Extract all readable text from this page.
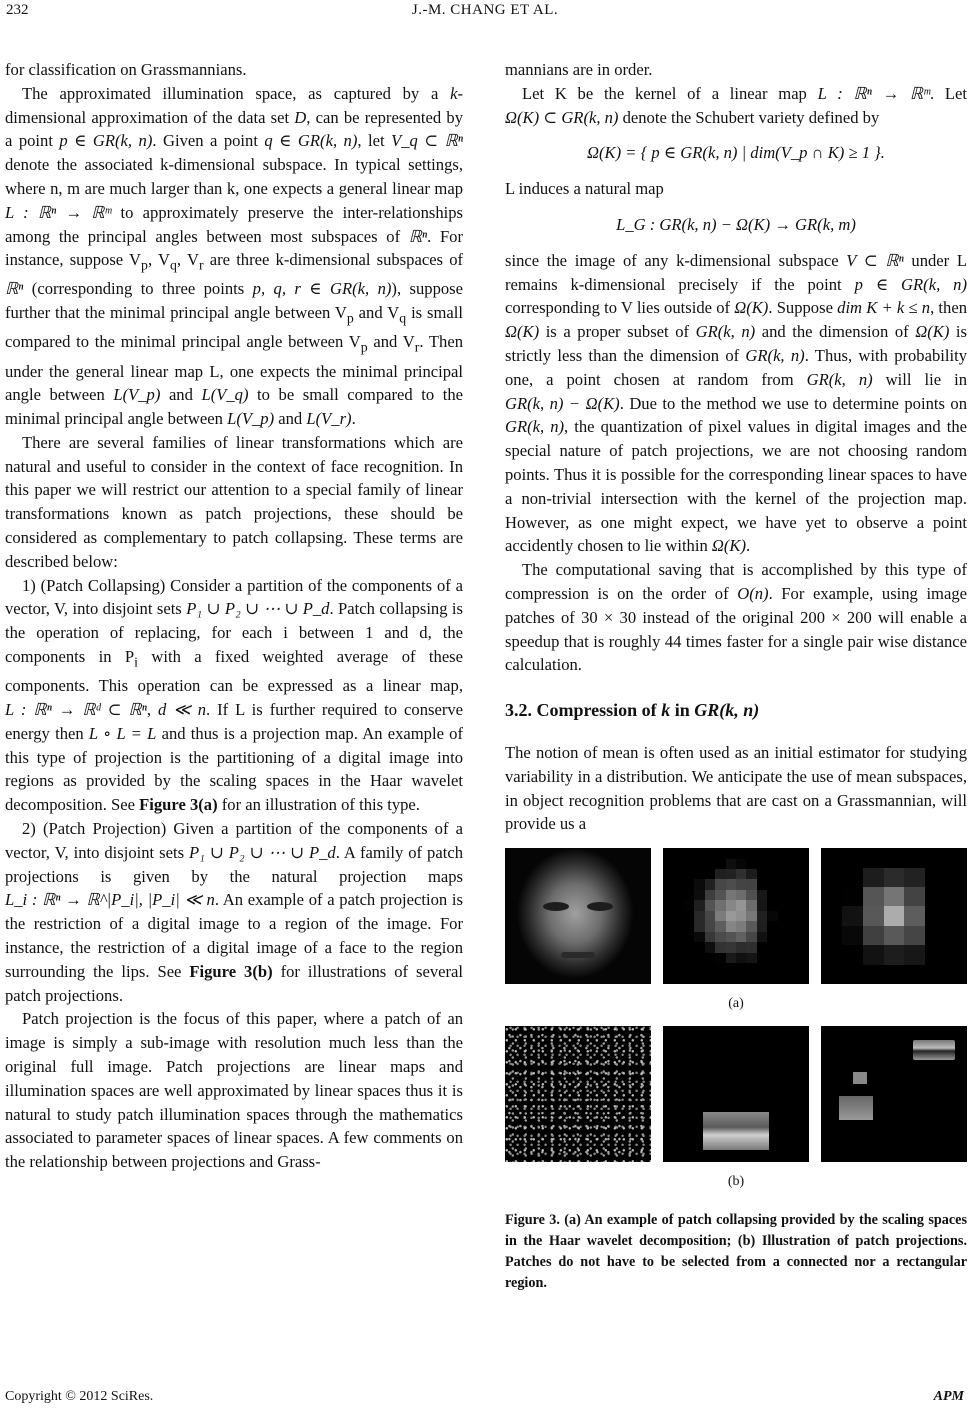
232	J.-M. CHANG ET AL.

for classification on Grassmannians.

The approximated illumination space, as captured by a k-dimensional approximation of the data set D, can be represented by a point p ∈ GR(k, n). Given a point q ∈ GR(k, n), let V_q ⊂ ℝⁿ denote the associated k-dimensional subspace. In typical settings, where n, m are much larger than k, one expects a general linear map L : ℝⁿ → ℝᵐ to approximately preserve the inter-relationships among the principal angles between most subspaces of ℝⁿ. For instance, suppose $V_p$, $V_q$, $V_r$ are three k-dimensional subspaces of ℝⁿ (corresponding to three points p, q, r ∈ GR(k, n)), suppose further that the minimal principal angle between $V_p$ and $V_q$ is small compared to the minimal principal angle between $V_p$ and $V_r$. Then under the general linear map L, one expects the minimal principal angle between L(V_p) and L(V_q) to be small compared to the minimal principal angle between L(V_p) and L(V_r).

There are several families of linear transformations which are natural and useful to consider in the context of face recognition. In this paper we will restrict our attention to a special family of linear transformations known as patch projections, these should be considered as complementary to patch collapsing. These terms are described below:

1) (Patch Collapsing) Consider a partition of the components of a vector, V, into disjoint sets P₁ ∪ P₂ ∪ ⋯ ∪ P_d. Patch collapsing is the operation of replacing, for each i between 1 and d, the components in $P_i$ with a fixed weighted average of these components. This operation can be expressed as a linear map, L : ℝⁿ → ℝᵈ ⊂ ℝⁿ, d ≪ n. If L is further required to conserve energy then L ∘ L = L and thus is a projection map. An example of this type of projection is the partitioning of a digital image into regions as provided by the scaling spaces in the Haar wavelet decomposition. See Figure 3(a) for an illustration of this type.

2) (Patch Projection) Given a partition of the components of a vector, V, into disjoint sets P₁ ∪ P₂ ∪ ⋯ ∪ P_d. A family of patch projections is given by the natural projection maps L_i : ℝⁿ → ℝ^|P_i|, |P_i| ≪ n. An example of a patch projection is the restriction of a digital image to a region of the image. For instance, the restriction of a digital image of a face to the region surrounding the lips. See Figure 3(b) for illustrations of several patch projections.

Patch projection is the focus of this paper, where a patch of an image is simply a sub-image with resolution much less than the original full image. Patch projections are linear maps and illumination spaces are well approximated by linear spaces thus it is natural to study patch illumination spaces through the mathematics associated to parameter spaces of linear spaces. A few comments on the relationship between projections and Grass-

mannians are in order.

Let K be the kernel of a linear map L : ℝⁿ → ℝᵐ. Let Ω(K) ⊂ GR(k, n) denote the Schubert variety defined by

Ω(K) = { p ∈ GR(k, n) | dim(V_p ∩ K) ≥ 1 }.

L induces a natural map

L_G : GR(k, n) − Ω(K) → GR(k, m)

since the image of any k-dimensional subspace V ⊂ ℝⁿ under L remains k-dimensional precisely if the point p ∈ GR(k, n) corresponding to V lies outside of Ω(K). Suppose dim K + k ≤ n, then Ω(K) is a proper subset of GR(k, n) and the dimension of Ω(K) is strictly less than the dimension of GR(k, n). Thus, with probability one, a point chosen at random from GR(k, n) will lie in GR(k, n) − Ω(K). Due to the method we use to determine points on GR(k, n), the quantization of pixel values in digital images and the special nature of patch projections, we are not choosing random points. Thus it is possible for the corresponding linear spaces to have a non-trivial intersection with the kernel of the projection map. However, as one might expect, we have yet to observe a point accidently chosen to lie within Ω(K).

The computational saving that is accomplished by this type of compression is on the order of O(n). For example, using image patches of 30 × 30 instead of the original 200 × 200 will enable a speedup that is roughly 44 times faster for a single pair wise distance calculation.

3.2. Compression of k in GR(k, n)

The notion of mean is often used as an initial estimator for studying variability in a distribution. We anticipate the use of mean subspaces, in object recognition problems that are cast on a Grassmannian, will provide us a

(a)
(b)
Figure 3. (a) An example of patch collapsing provided by the scaling spaces in the Haar wavelet decomposition; (b) Illustration of patch projections. Patches do not have to be selected from a connected nor a rectangular region.
Copyright © 2012 SciRes.	APM
